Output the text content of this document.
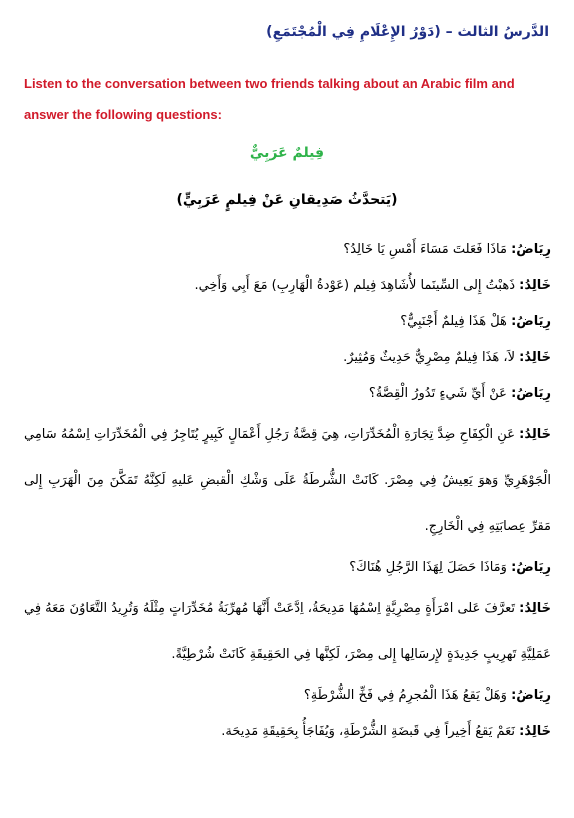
الدَّرسُ الثالث – (دَوْرُ الإِعْلَامِ فِي الْمُجْتَمَعِ)
Listen to the conversation between two friends talking about an Arabic film and answer the following questions:
فِيلمٌ عَرَبِيٌّ
(يَتحدَّثُ صَدِيقانِ عَنْ فِيلمٍ عَرَبِيٍّ)

رِيَاضُ: مَاذَا فَعَلتَ مَسَاءَ أَمْسِ يَا خَالِدُ؟

خَالِدُ: ذَهبْتُ إِلى السِّينَما لأُشَاهِدَ فِيلم (عَوْدةُ الْهَارِبِ) مَعَ أَبِي وَأَخِي.

رِيَاضُ: هَلْ هَذَا فِيلمٌ أَجْنَبِيٌّ؟

خَالِدُ: لاَ، هَذَا فِيلمٌ مِصْرِيٌّ حَدِيثٌ وَمُثِيرٌ.

رِيَاضُ: عَنْ أَيِّ شَيءٍ تَدُورُ الْقِصَّةُ؟

خَالِدُ: عَنِ الْكِفَاحِ ضِدَّ تِجَارَةِ الْمُخَدِّرَاتِ، هِيَ قِصَّةُ رَجُلِ أَعْمَالٍ كَبِيرٍ يُتَاجِرُ فِي الْمُخَدِّرَاتِ اِسْمُهُ سَامِي الْجَوْهَرِيِّ وَهوَ يَعِيشُ فِي مِصْرَ. كَانَتْ الشُّرطَةُ عَلَى وَشْكِ الْقبضِ عَليهِ لَكِنَّهُ تَمَكَّنَ مِنَ الْهَرَبِ إِلى مَقرِّ عِصابَتِهِ فِي الْخَارِجِ.

رِيَاضُ: وَمَاذَا حَصَلَ لِهَذَا الرَّجُلِ هُنَاكَ؟

خَالِدُ: تَعرَّفَ عَلى امْرَأَةٍ مِصْرِيَّةٍ اِسْمُهَا مَدِيحَةُ، اِدَّعَتْ أَنَّهَا مُهرِّبَةُ مُخَدِّرَاتٍ مِثْلَهُ وَتُرِيدُ التَّعَاوُنَ مَعَهُ فِي عَمَلِيَّةِ تَهرِيبٍ جَدِيدَةٍ لإِرسَالِها إِلى مِصْرَ، لَكِنَّها فِي الحَقِيقَةِ كَانَتْ شُرْطِيَّةً.

رِيَاضُ: وَهَلْ يَقعُ هَذَا الْمُجرِمُ فِي فَخِّ الشُّرْطَةِ؟

خَالِدُ: نَعَمْ يَقعُ أَخِيراً فِي قَبضَةِ الشُّرْطَةِ، وَيُفَاجَأُ بِحَقِيقَةِ مَدِيحَة.
